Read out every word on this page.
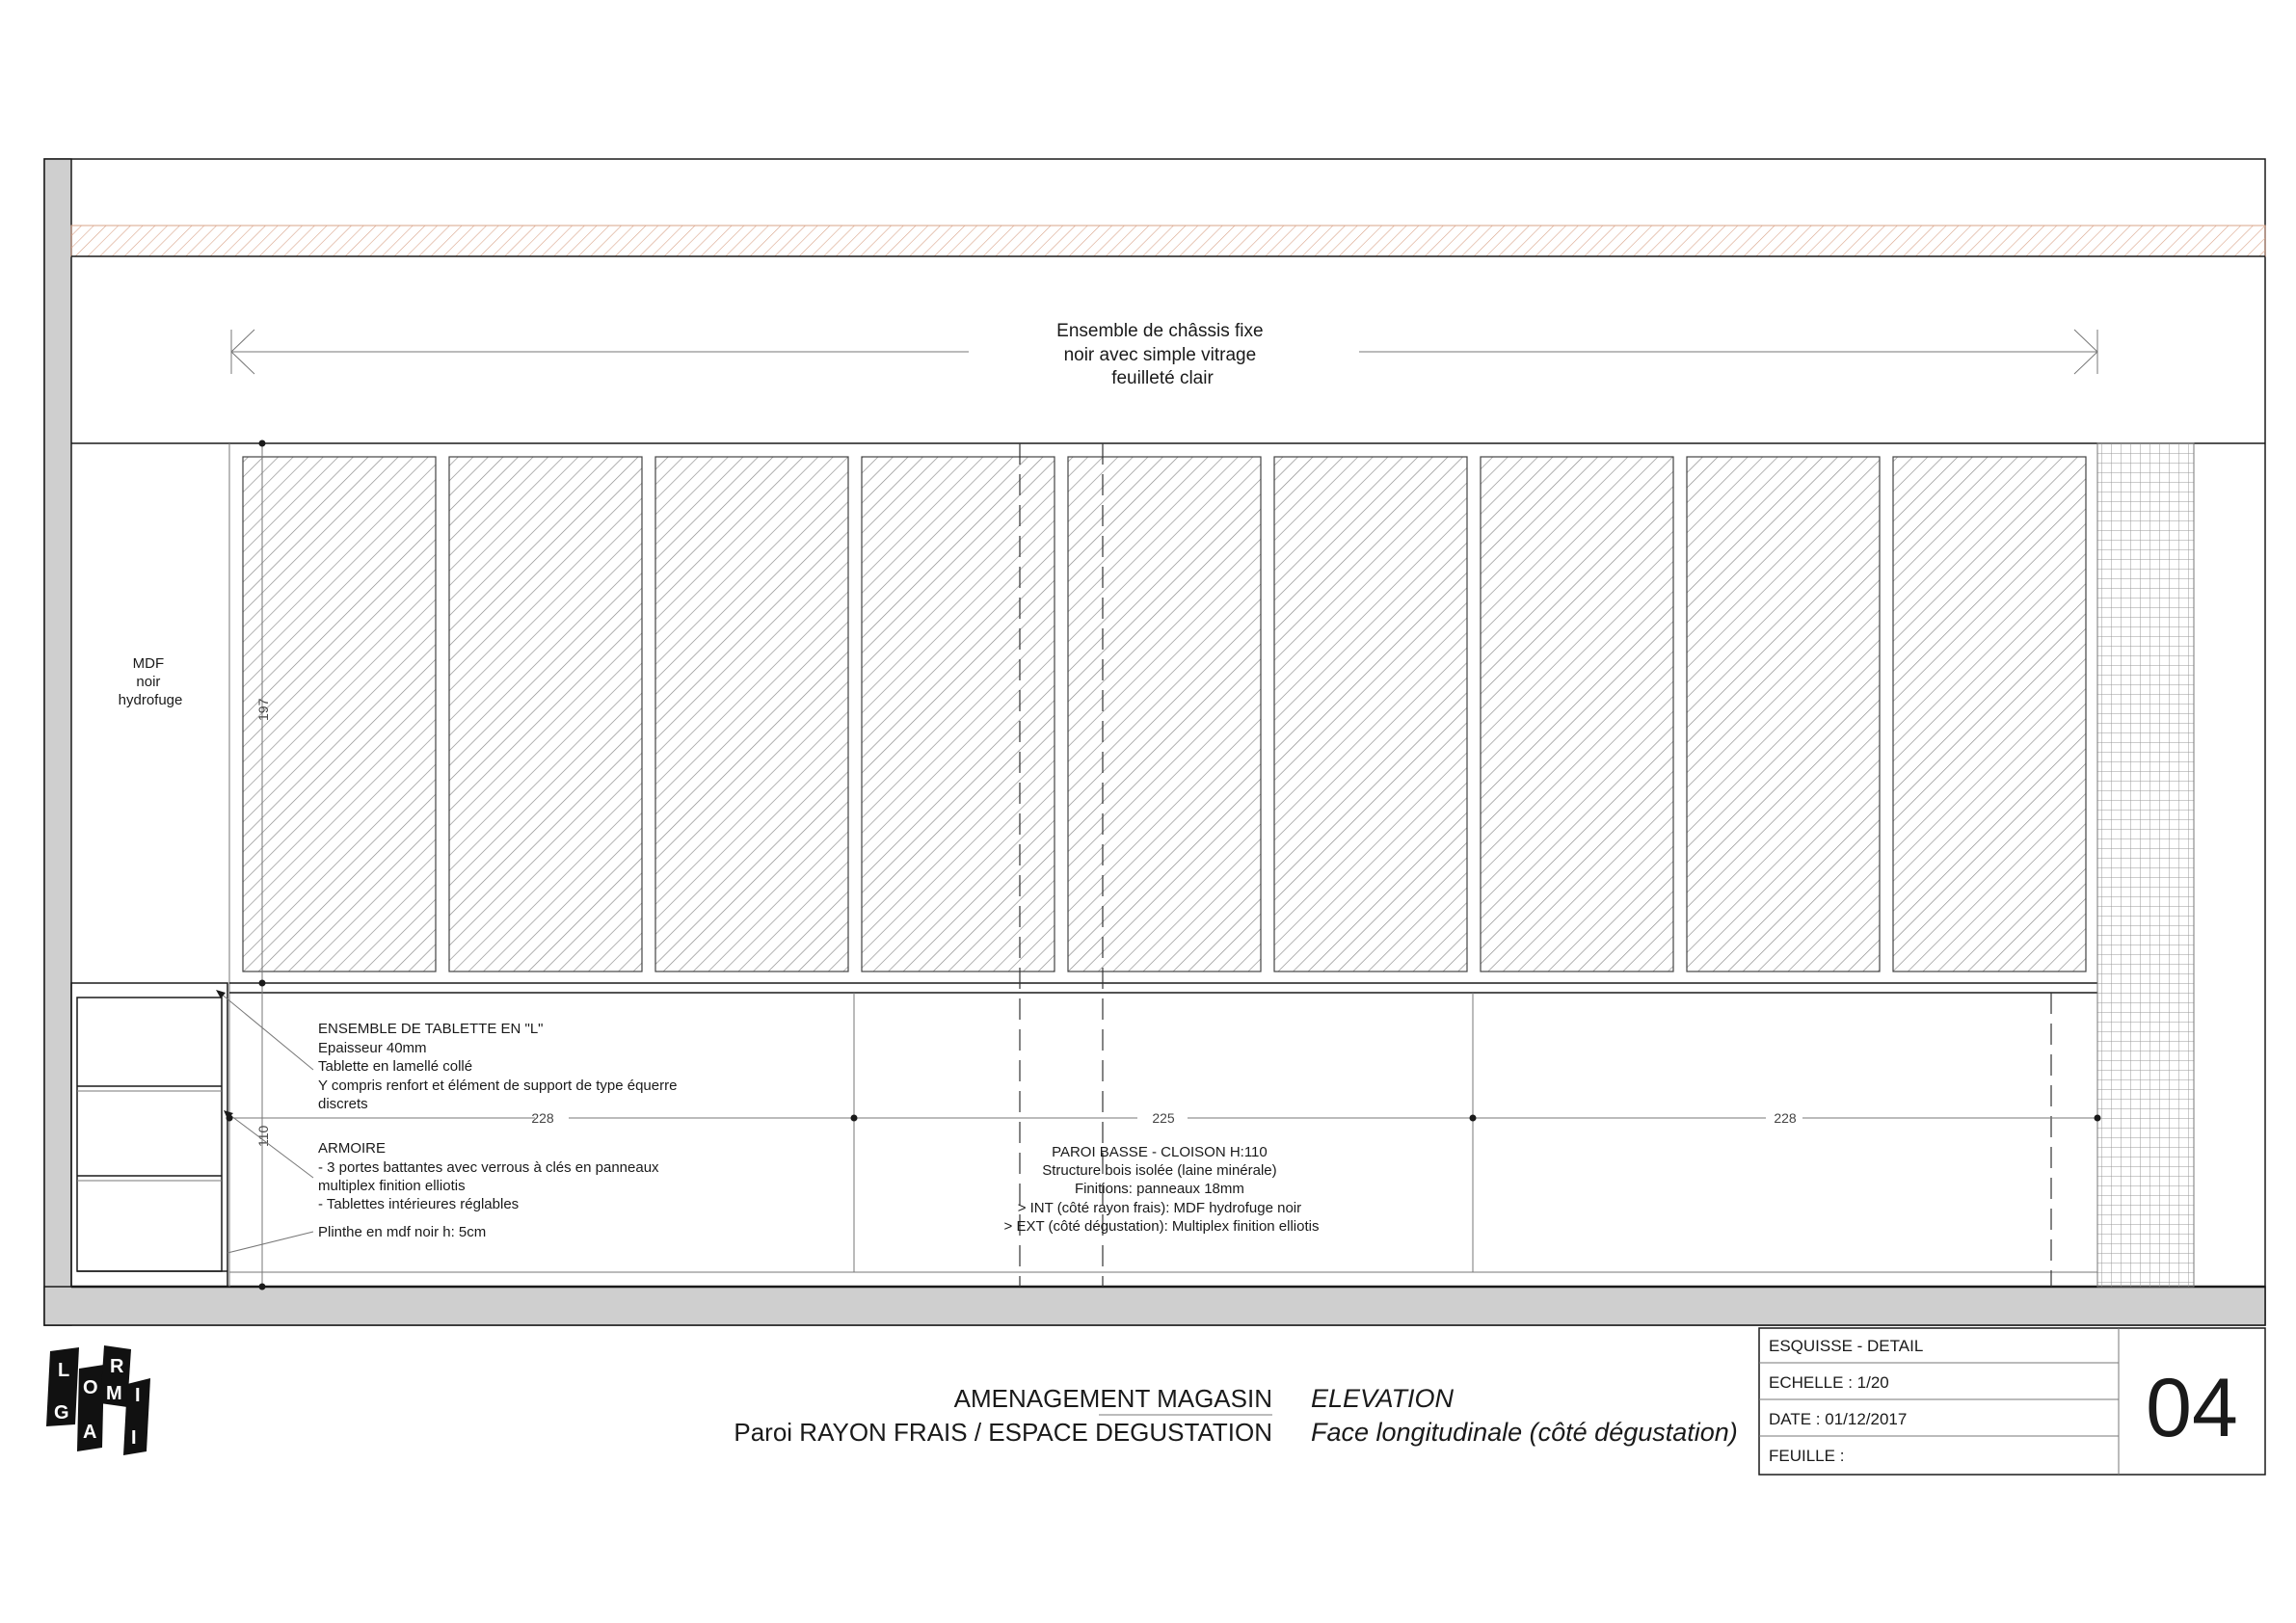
Ensemble de châssis fixe noir avec simple vitrage feuilleté clair
MDF noir hydrofuge	197
110
228	225	228
ENSEMBLE DE TABLETTE EN "L" Epaisseur 40mm Tablette en lamellé collé Y compris renfort et élément de support de type équerre discrets
ARMOIRE - 3 portes battantes avec verrous à clés en panneaux multiplex finition elliotis - Tablettes intérieures réglables
Plinthe en mdf noir h: 5cm
PAROI BASSE - CLOISON H:110 Structure bois isolée (laine minérale) Finitions: panneaux 18mm > INT (côté rayon frais): MDF hydrofuge noir > EXT (côté dégustation): Multiplex finition elliotis
L
O
R
I
G
A
M
I
AMENAGEMENT MAGASIN
Paroi RAYON FRAIS / ESPACE DEGUSTATION
ELEVATION
Face longitudinale (côté dégustation)
ESQUISSE - DETAIL
ECHELLE : 1/20
DATE : 01/12/2017
FEUILLE :
04
